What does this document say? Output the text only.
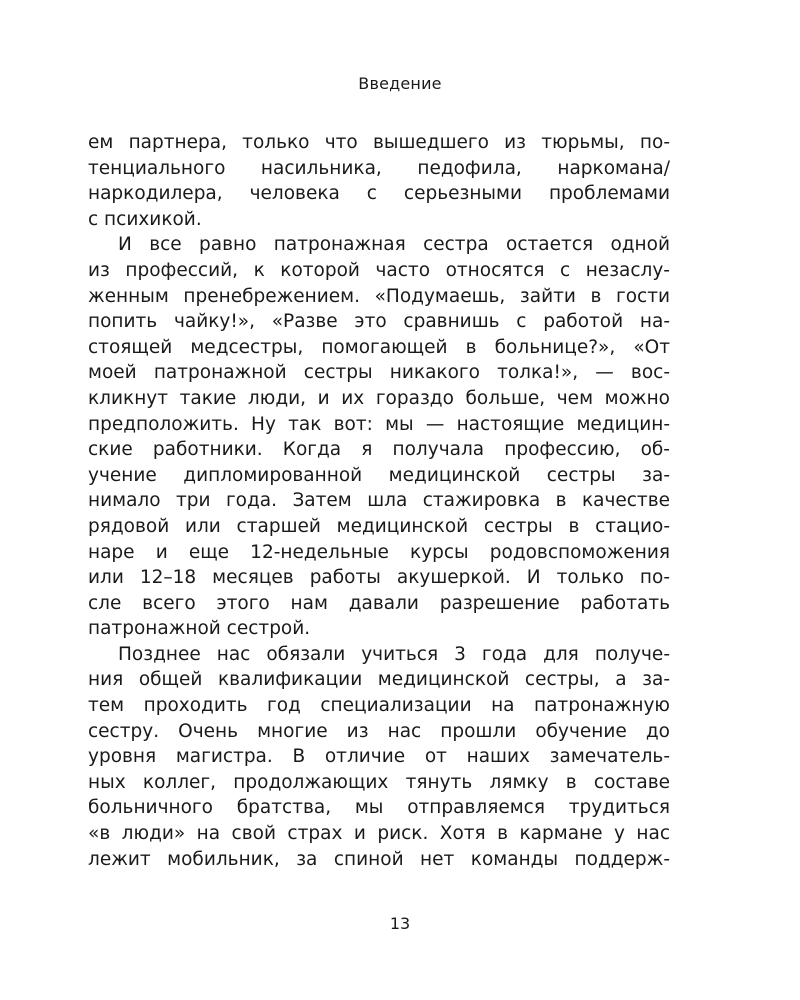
Введение
ем партнера, только что вышедшего из тюрьмы, по-
тенциального насильника, педофила, наркомана/
наркодилера, человека с серьезными проблемами
с психикой.
И все равно патронажная сестра остается одной
из профессий, к которой часто относятся с незаслу-
женным пренебрежением. «Подумаешь, зайти в гости
попить чайку!», «Разве это сравнишь с работой на-
стоящей медсестры, помогающей в больнице?», «От
моей патронажной сестры никакого толка!», — вос-
кликнут такие люди, и их гораздо больше, чем можно
предположить. Ну так вот: мы — настоящие медицин-
ские работники. Когда я получала профессию, об-
учение дипломированной медицинской сестры за-
нимало три года. Затем шла стажировка в качестве
рядовой или старшей медицинской сестры в стацио-
наре и еще 12-недельные курсы родовспоможения
или 12–18 месяцев работы акушеркой. И только по-
сле всего этого нам давали разрешение работать
патронажной сестрой.
Позднее нас обязали учиться 3 года для получе-
ния общей квалификации медицинской сестры, а за-
тем проходить год специализации на патронажную
сестру. Очень многие из нас прошли обучение до
уровня магистра. В отличие от наших замечатель-
ных коллег, продолжающих тянуть лямку в составе
больничного братства, мы отправляемся трудиться
«в люди» на свой страх и риск. Хотя в кармане у нас
лежит мобильник, за спиной нет команды поддерж-
13
